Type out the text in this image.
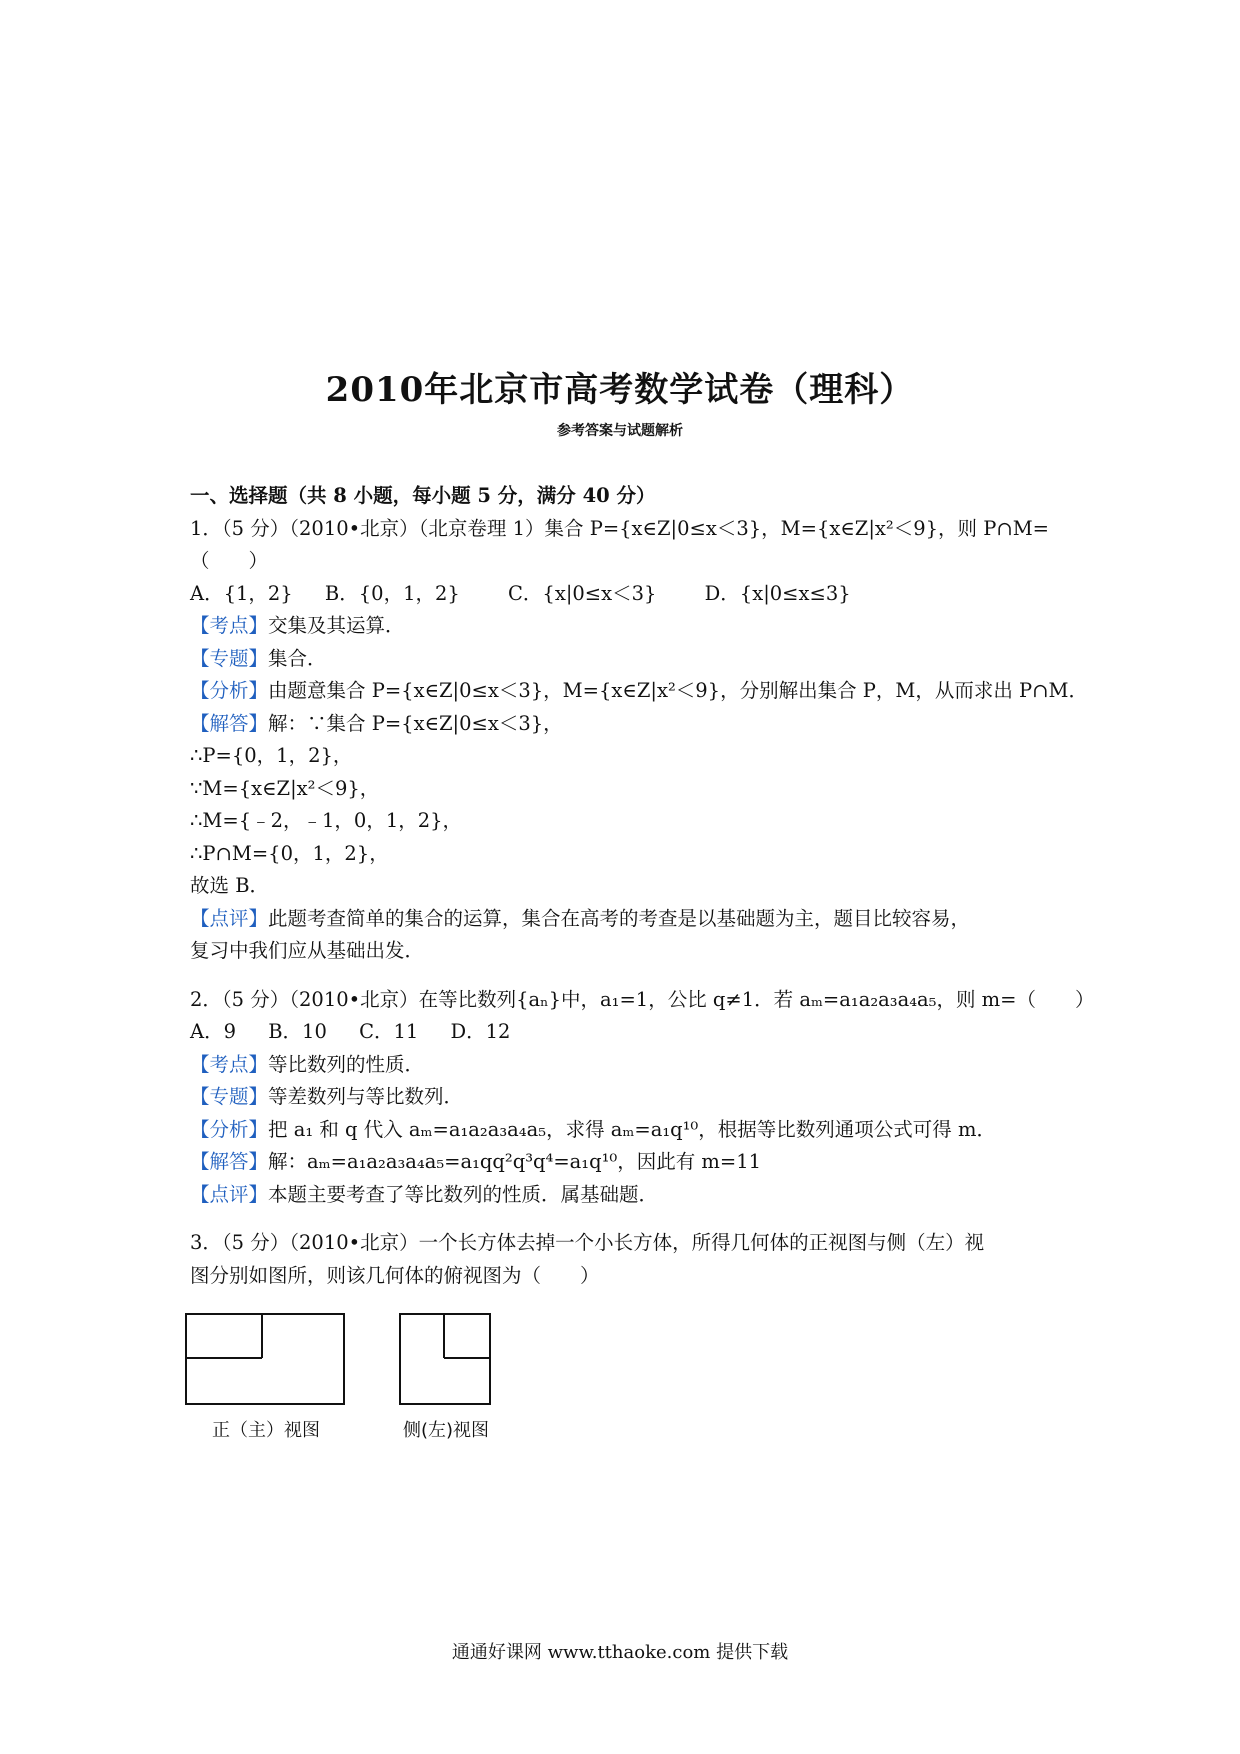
2010年北京市高考数学试卷（理科）
参考答案与试题解析
一、选择题（共 8 小题，每小题 5 分，满分 40 分）
1．（5 分）（2010•北京）（北京卷理 1）集合 P={x∈Z|0≤x＜3}，M={x∈Z|x²＜9}，则 P∩M=
（　　）
A．{1，2} B．{0，1，2} C．{x|0≤x＜3} D．{x|0≤x≤3}
【考点】交集及其运算．
【专题】集合．
【分析】由题意集合 P={x∈Z|0≤x＜3}，M={x∈Z|x²＜9}，分别解出集合 P，M，从而求出 P∩M．
【解答】解：∵集合 P={x∈Z|0≤x＜3}，
∴P={0，1，2}，
∵M={x∈Z|x²＜9}，
∴M={﹣2，﹣1，0，1，2}，
∴P∩M={0，1，2}，
故选 B．
【点评】此题考查简单的集合的运算，集合在高考的考查是以基础题为主，题目比较容易，
复习中我们应从基础出发．
2．（5 分）（2010•北京）在等比数列{aₙ}中，a₁=1，公比 q≠1．若 aₘ=a₁a₂a₃a₄a₅，则 m=（　　）
A．9 B．10 C．11 D．12
【考点】等比数列的性质．
【专题】等差数列与等比数列．
【分析】把 a₁ 和 q 代入 aₘ=a₁a₂a₃a₄a₅，求得 aₘ=a₁q¹⁰，根据等比数列通项公式可得 m．
【解答】解：aₘ=a₁a₂a₃a₄a₅=a₁qq²q³q⁴=a₁q¹⁰，因此有 m=11
【点评】本题主要考查了等比数列的性质．属基础题．
3．（5 分）（2010•北京）一个长方体去掉一个小长方体，所得几何体的正视图与侧（左）视
图分别如图所，则该几何体的俯视图为（　　）
正（主）视图	侧(左)视图
通通好课网 www.tthaoke.com 提供下载
